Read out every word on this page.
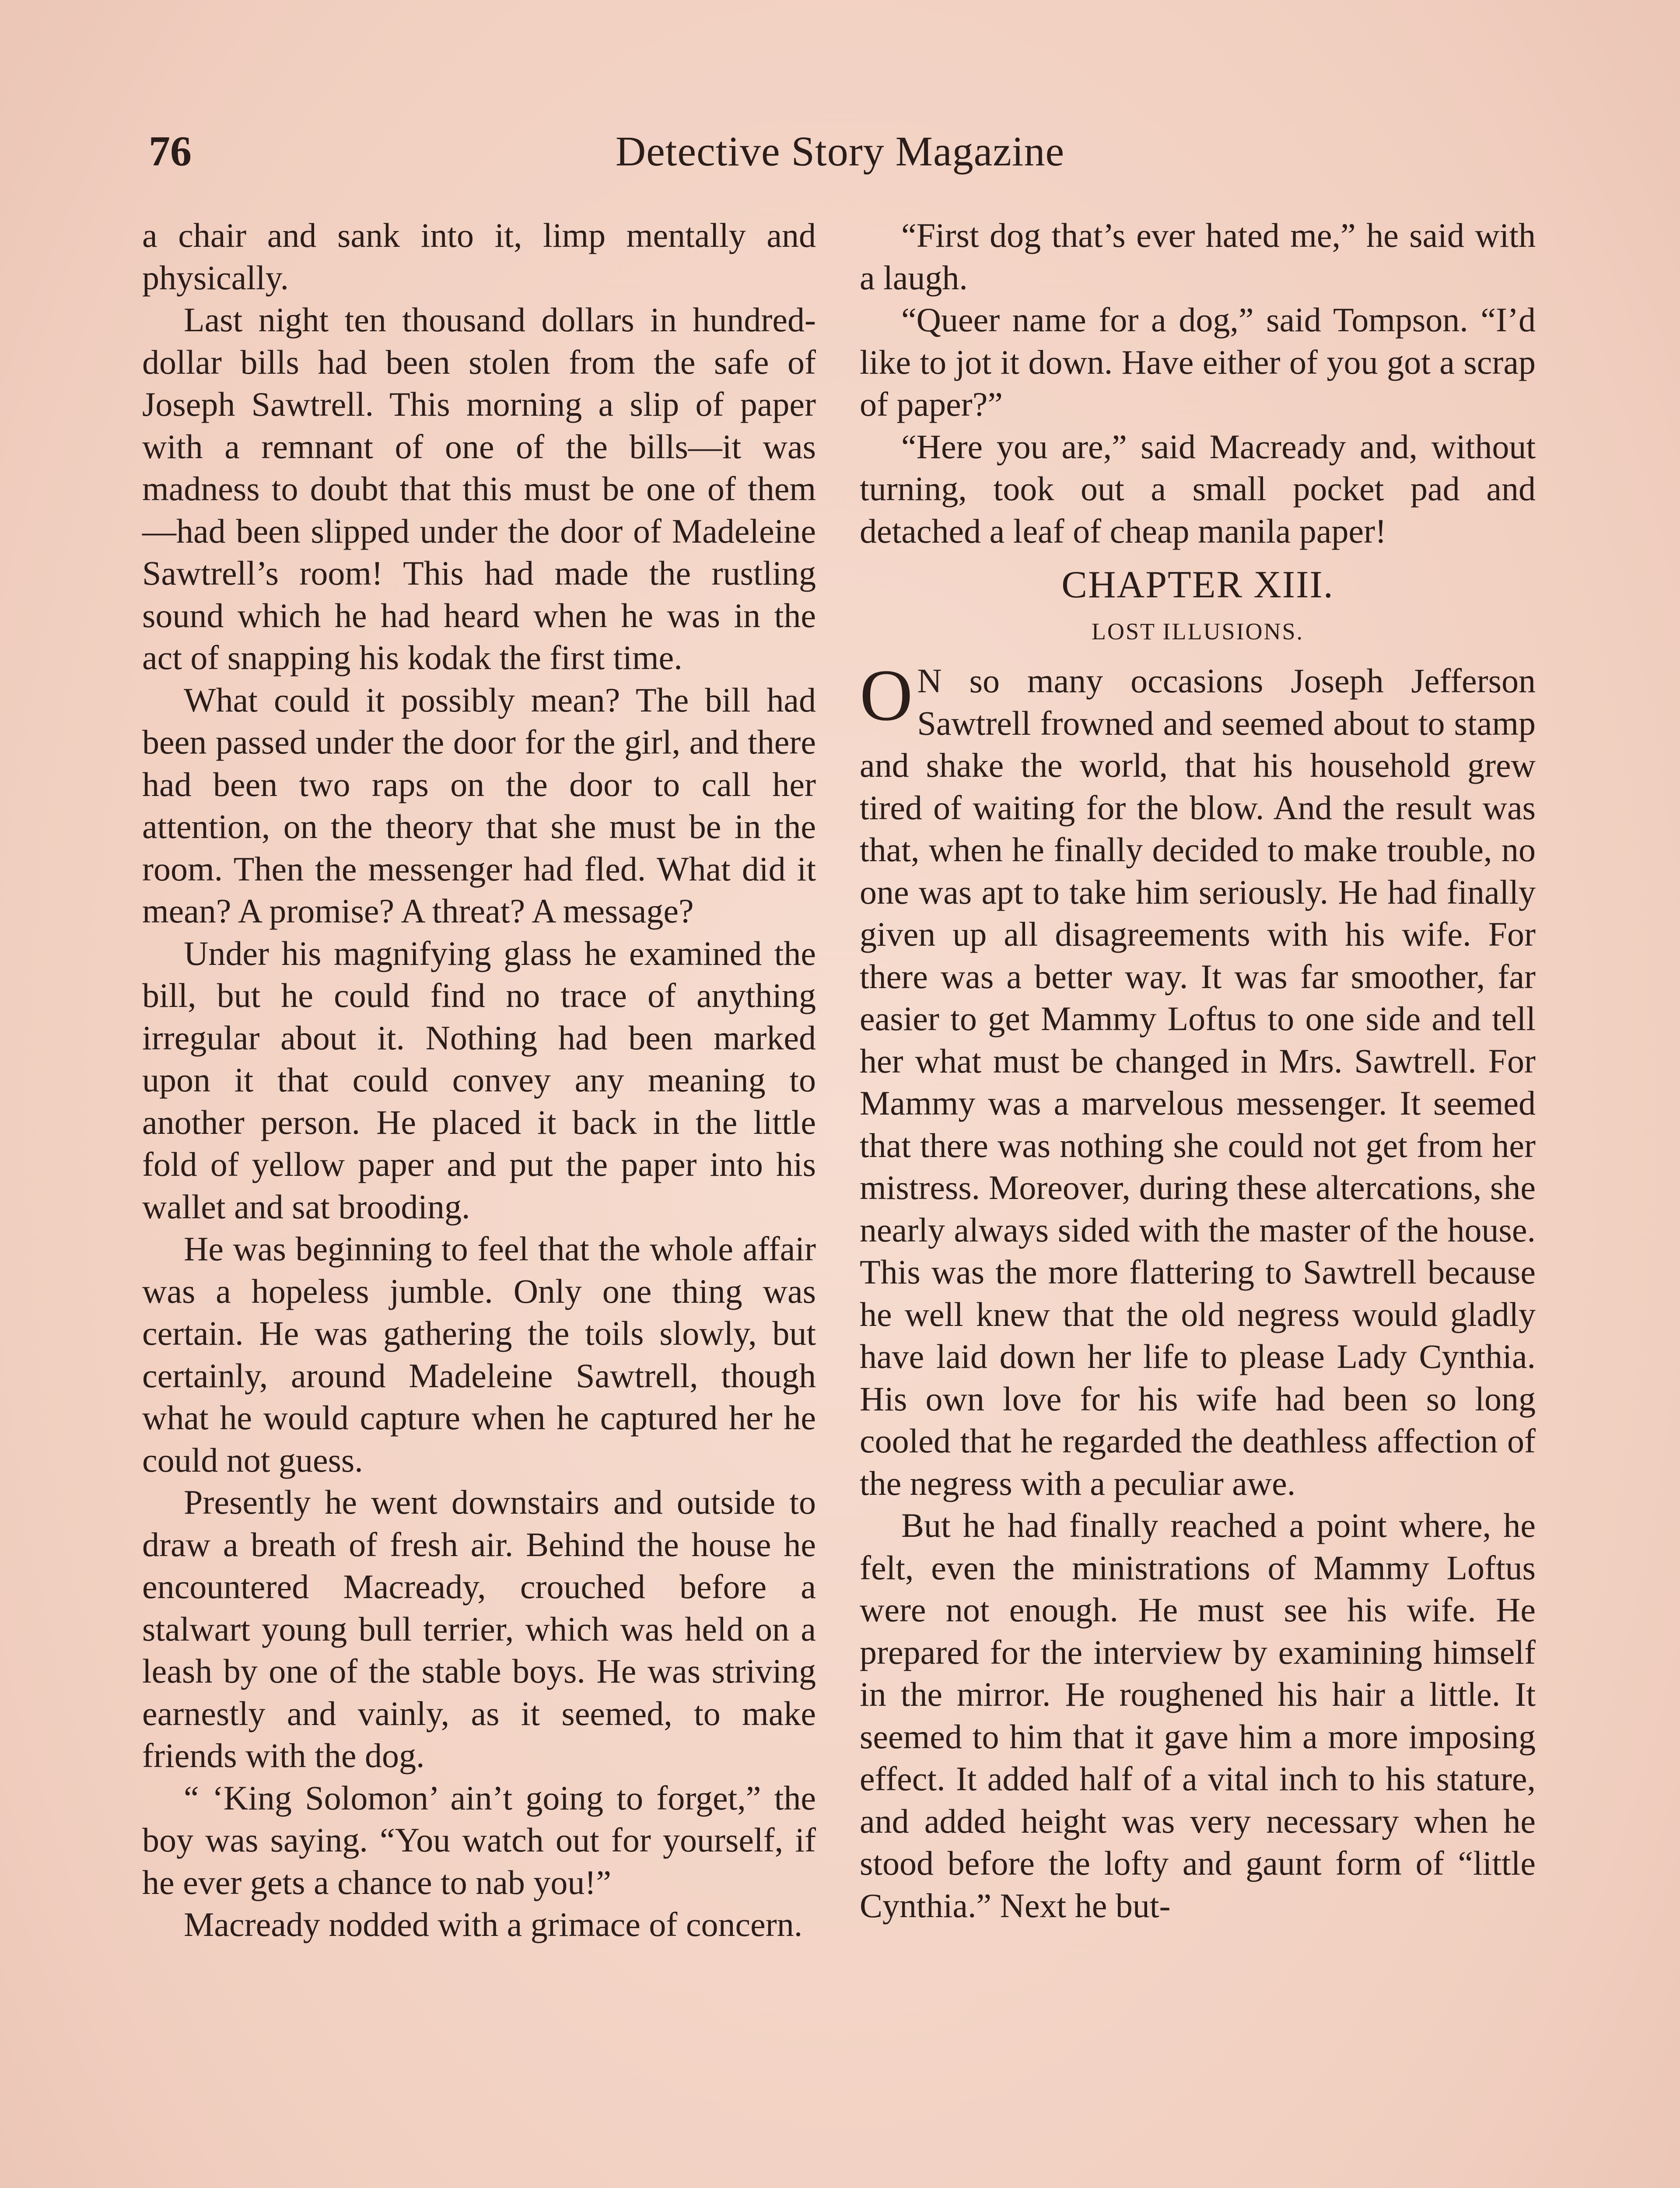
76	Detective Story Magazine

a chair and sank into it, limp mentally and physically.

Last night ten thousand dollars in hundred-dollar bills had been stolen from the safe of Joseph Sawtrell. This morning a slip of paper with a remnant of one of the bills—it was madness to doubt that this must be one of them—had been slipped under the door of Madeleine Sawtrell’s room! This had made the rustling sound which he had heard when he was in the act of snapping his kodak the first time.

What could it possibly mean? The bill had been passed under the door for the girl, and there had been two raps on the door to call her attention, on the theory that she must be in the room. Then the messenger had fled. What did it mean? A promise? A threat? A message?

Under his magnifying glass he examined the bill, but he could find no trace of anything irregular about it. Nothing had been marked upon it that could convey any meaning to another person. He placed it back in the little fold of yellow paper and put the paper into his wallet and sat brooding.

He was beginning to feel that the whole affair was a hopeless jumble. Only one thing was certain. He was gathering the toils slowly, but certainly, around Madeleine Sawtrell, though what he would capture when he captured her he could not guess.

Presently he went downstairs and outside to draw a breath of fresh air. Behind the house he encountered Macready, crouched before a stalwart young bull terrier, which was held on a leash by one of the stable boys. He was striving earnestly and vainly, as it seemed, to make friends with the dog.

“ ‘King Solomon’ ain’t going to forget,” the boy was saying. “You watch out for yourself, if he ever gets a chance to nab you!”

Macready nodded with a grimace of concern.

“First dog that’s ever hated me,” he said with a laugh.

“Queer name for a dog,” said Tompson. “I’d like to jot it down. Have either of you got a scrap of paper?”

“Here you are,” said Macready and, without turning, took out a small pocket pad and detached a leaf of cheap manila paper!

CHAPTER XIII.
LOST ILLUSIONS.

ON so many occasions Joseph Jefferson Sawtrell frowned and seemed about to stamp and shake the world, that his household grew tired of waiting for the blow. And the result was that, when he finally decided to make trouble, no one was apt to take him seriously. He had finally given up all disagreements with his wife. For there was a better way. It was far smoother, far easier to get Mammy Loftus to one side and tell her what must be changed in Mrs. Sawtrell. For Mammy was a marvelous messenger. It seemed that there was nothing she could not get from her mistress. Moreover, during these altercations, she nearly always sided with the master of the house. This was the more flattering to Sawtrell because he well knew that the old negress would gladly have laid down her life to please Lady Cynthia. His own love for his wife had been so long cooled that he regarded the deathless affection of the negress with a peculiar awe.

But he had finally reached a point where, he felt, even the ministrations of Mammy Loftus were not enough. He must see his wife. He prepared for the interview by examining himself in the mirror. He roughened his hair a little. It seemed to him that it gave him a more imposing effect. It added half of a vital inch to his stature, and added height was very necessary when he stood before the lofty and gaunt form of “little Cynthia.” Next he but-
